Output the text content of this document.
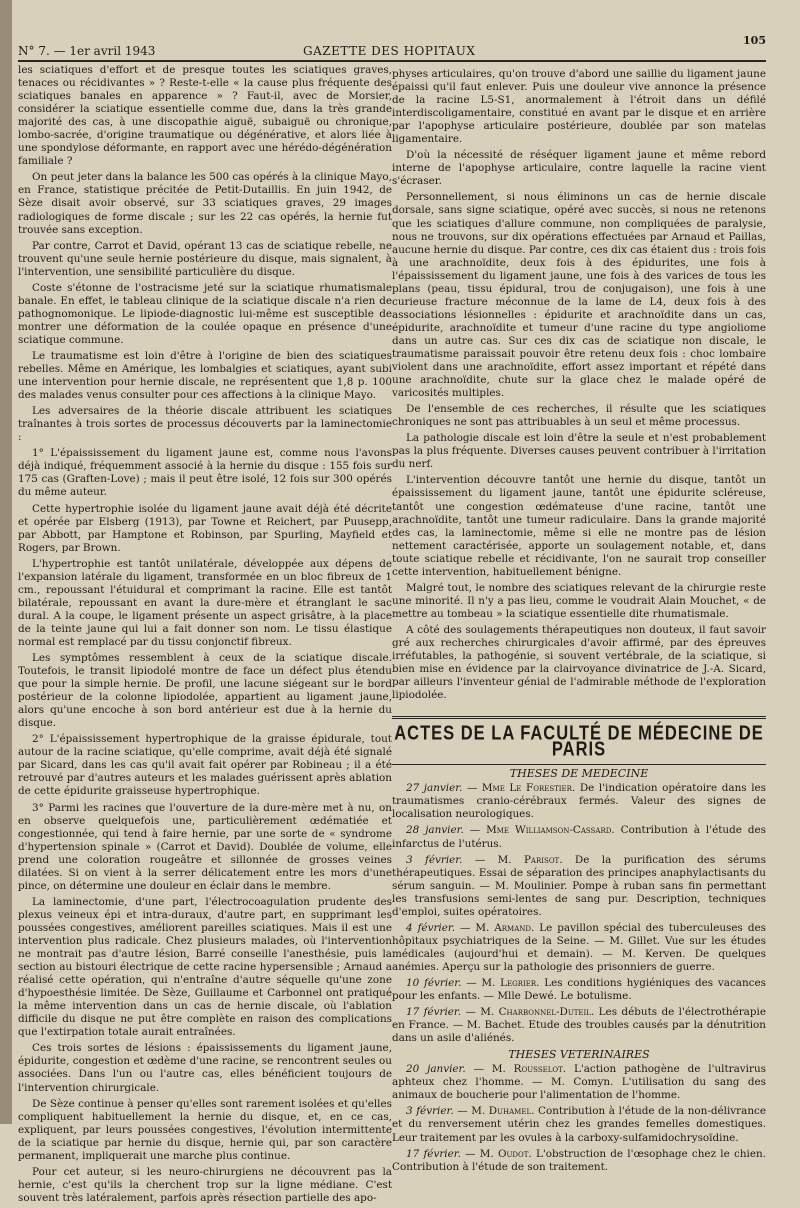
N° 7. — 1er avril 1943	GAZETTE DES HOPITAUX
105

les sciatiques d'effort et de presque toutes les sciatiques graves, tenaces ou récidivantes » ? Reste-t-elle « la cause plus fréquente des sciatiques banales en apparence » ? Faut-il, avec de Morsier, considérer la sciatique essentielle comme due, dans la très grande majorité des cas, à une discopathie aiguë, subaiguë ou chronique, lombo-sacrée, d'origine traumatique ou dégénérative, et alors liée à une spondylose déformante, en rapport avec une hérédo-dégénération familiale ?

On peut jeter dans la balance les 500 cas opérés à la clinique Mayo, en France, statistique précitée de Petit-Dutaillis. En juin 1942, de Sèze disait avoir observé, sur 33 sciatiques graves, 29 images radiologiques de forme discale ; sur les 22 cas opérés, la hernie fut trouvée sans exception.

Par contre, Carrot et David, opérant 13 cas de sciatique rebelle, ne trouvent qu'une seule hernie postérieure du disque, mais signalent, à l'intervention, une sensibilité particulière du disque.

Coste s'étonne de l'ostracisme jeté sur la sciatique rhumatismale banale. En effet, le tableau clinique de la sciatique discale n'a rien de pathognomonique. Le lipiode-diagnostic lui-même est susceptible de montrer une déformation de la coulée opaque en présence d'une sciatique commune.

Le traumatisme est loin d'être à l'origine de bien des sciatiques rebelles. Même en Amérique, les lombalgies et sciatiques, ayant subi une intervention pour hernie discale, ne représentent que 1,8 p. 100 des malades venus consulter pour ces affections à la clinique Mayo.

Les adversaires de la théorie discale attribuent les sciatiques traînantes à trois sortes de processus découverts par la laminectomie :

1° L'épaississement du ligament jaune est, comme nous l'avons déjà indiqué, fréquemment associé à la hernie du disque : 155 fois sur 175 cas (Graften-Love) ; mais il peut être isolé, 12 fois sur 300 opérés du même auteur.

Cette hypertrophie isolée du ligament jaune avait déjà été décrite et opérée par Elsberg (1913), par Towne et Reichert, par Puusepp, par Abbott, par Hamptone et Robinson, par Spurling, Mayfield et Rogers, par Brown.

L'hypertrophie est tantôt unilatérale, développée aux dépens de l'expansion latérale du ligament, transformée en un bloc fibreux de 1 cm., repoussant l'étuidural et comprimant la racine. Elle est tantôt bilatérale, repoussant en avant la dure-mère et étranglant le sac dural. A la coupe, le ligament présente un aspect grisâtre, à la place de la teinte jaune qui lui a fait donner son nom. Le tissu élastique normal est remplacé par du tissu conjonctif fibreux.

Les symptômes ressemblent à ceux de la sciatique discale. Toutefois, le transit lipiodolé montre de face un défect plus étendu que pour la simple hernie. De profil, une lacune siégeant sur le bord postérieur de la colonne lipiodolée, appartient au ligament jaune, alors qu'une encoche à son bord antérieur est due à la hernie du disque.

2° L'épaississement hypertrophique de la graisse épidurale, tout autour de la racine sciatique, qu'elle comprime, avait déjà été signalé par Sicard, dans les cas qu'il avait fait opérer par Robineau ; il a été retrouvé par d'autres auteurs et les malades guérissent après ablation de cette épidurite graisseuse hypertrophique.

3° Parmi les racines que l'ouverture de la dure-mère met à nu, on en observe quelquefois une, particulièrement œdématiée et congestionnée, qui tend à faire hernie, par une sorte de « syndrome d'hypertension spinale » (Carrot et David). Doublée de volume, elle prend une coloration rougeâtre et sillonnée de grosses veines dilatées. Si on vient à la serrer délicatement entre les mors d'une pince, on détermine une douleur en éclair dans le membre.

La laminectomie, d'une part, l'électrocoagulation prudente des plexus veineux épi et intra-duraux, d'autre part, en supprimant les poussées congestives, améliorent pareilles sciatiques. Mais il est une intervention plus radicale. Chez plusieurs malades, où l'intervention ne montrait pas d'autre lésion, Barré conseille l'anesthésie, puis la section au bistouri électrique de cette racine hypersensible ; Arnaud a réalisé cette opération, qui n'entraîne d'autre séquelle qu'une zone d'hypoesthésie limitée. De Sèze, Guillaume et Carbonnel ont pratiqué la même intervention dans un cas de hernie discale, où l'ablation difficile du disque ne put être complète en raison des complications que l'extirpation totale aurait entraînées.

Ces trois sortes de lésions : épaississements du ligament jaune, épidurite, congestion et œdème d'une racine, se rencontrent seules ou associées. Dans l'un ou l'autre cas, elles bénéficient toujours de l'intervention chirurgicale.

De Sèze continue à penser qu'elles sont rarement isolées et qu'elles compliquent habituellement la hernie du disque, et, en ce cas, expliquent, par leurs poussées congestives, l'évolution intermittente de la sciatique par hernie du disque, hernie qui, par son caractère permanent, impliquerait une marche plus continue.

Pour cet auteur, si les neuro-chirurgiens ne découvrent pas la hernie, c'est qu'ils la cherchent trop sur la ligne médiane. C'est souvent très latéralement, parfois après résection partielle des apo-

physes articulaires, qu'on trouve d'abord une saillie du ligament jaune épaissi qu'il faut enlever. Puis une douleur vive annonce la présence de la racine L5-S1, anormalement à l'étroit dans un défilé interdiscoligamentaire, constitué en avant par le disque et en arrière par l'apophyse articulaire postérieure, doublée par son matelas ligamentaire.

D'où la nécessité de réséquer ligament jaune et même rebord interne de l'apophyse articulaire, contre laquelle la racine vient s'écraser.

Personnellement, si nous éliminons un cas de hernie discale dorsale, sans signe sciatique, opéré avec succès, si nous ne retenons que les sciatiques d'allure commune, non compliquées de paralysie, nous ne trouvons, sur dix opérations effectuées par Arnaud et Paillas, aucune hernie du disque. Par contre, ces dix cas étaient dus : trois fois à une arachnoïdite, deux fois à des épidurites, une fois à l'épaississement du ligament jaune, une fois à des varices de tous les plans (peau, tissu épidural, trou de conjugaison), une fois à une curieuse fracture méconnue de la lame de L4, deux fois à des associations lésionnelles : épidurite et arachnoïdite dans un cas, épidurite, arachnoïdite et tumeur d'une racine du type angioliome dans un autre cas. Sur ces dix cas de sciatique non discale, le traumatisme paraissait pouvoir être retenu deux fois : choc lombaire violent dans une arachnoïdite, effort assez important et répété dans une arachnoïdite, chute sur la glace chez le malade opéré de varicosités multiples.

De l'ensemble de ces recherches, il résulte que les sciatiques chroniques ne sont pas attribuables à un seul et même processus.

La pathologie discale est loin d'être la seule et n'est probablement pas la plus fréquente. Diverses causes peuvent contribuer à l'irritation du nerf.

L'intervention découvre tantôt une hernie du disque, tantôt un épaississement du ligament jaune, tantôt une épidurite scléreuse, tantôt une congestion œdémateuse d'une racine, tantôt une arachnoïdite, tantôt une tumeur radiculaire. Dans la grande majorité des cas, la laminectomie, même si elle ne montre pas de lésion nettement caractérisée, apporte un soulagement notable, et, dans toute sciatique rebelle et récidivante, l'on ne saurait trop conseiller cette intervention, habituellement bénigne.

Malgré tout, le nombre des sciatiques relevant de la chirurgie reste une minorité. Il n'y a pas lieu, comme le voudrait Alain Mouchet, « de mettre au tombeau » la sciatique essentielle dite rhumatismale.

A côté des soulagements thérapeutiques non douteux, il faut savoir gré aux recherches chirurgicales d'avoir affirmé, par des épreuves irréfutables, la pathogénie, si souvent vertébrale, de la sciatique, si bien mise en évidence par la clairvoyance divinatrice de J.-A. Sicard, par ailleurs l'inventeur génial de l'admirable méthode de l'exploration lipiodolée.

ACTES DE LA FACULTÉ DE MÉDECINE DE PARIS
THESES DE MEDECINE

27 janvier. — Mme Le Forestier. De l'indication opératoire dans les traumatismes cranio-cérébraux fermés. Valeur des signes de localisation neurologiques.

28 janvier. — Mme Williamson-Cassard. Contribution à l'étude des infarctus de l'utérus.

3 février. — M. Parisot. De la purification des sérums thérapeutiques. Essai de séparation des principes anaphylactisants du sérum sanguin. — M. Moulinier. Pompe à ruban sans fin permettant les transfusions semi-lentes de sang pur. Description, techniques d'emploi, suites opératoires.

4 février. — M. Armand. Le pavillon spécial des tuberculeuses des hôpitaux psychiatriques de la Seine. — M. Gillet. Vue sur les études médicales (aujourd'hui et demain). — M. Kerven. De quelques anémies. Aperçu sur la pathologie des prisonniers de guerre.

10 février. — M. Legrier. Les conditions hygiéniques des vacances pour les enfants. — Mlle Dewé. Le botulisme.

17 février. — M. Charbonnel-Duteil. Les débuts de l'électrothérapie en France. — M. Bachet. Etude des troubles causés par la dénutrition dans un asile d'aliénés.

THESES VETERINAIRES

20 janvier. — M. Rousselot. L'action pathogène de l'ultravirus aphteux chez l'homme. — M. Comyn. L'utilisation du sang des animaux de boucherie pour l'alimentation de l'homme.

3 février. — M. Duhamel. Contribution à l'étude de la non-délivrance et du renversement utérin chez les grandes femelles domestiques. Leur traitement par les ovules à la carboxy-sulfamidochrysoïdine.

17 février. — M. Oudot. L'obstruction de l'œsophage chez le chien. Contribution à l'étude de son traitement.
